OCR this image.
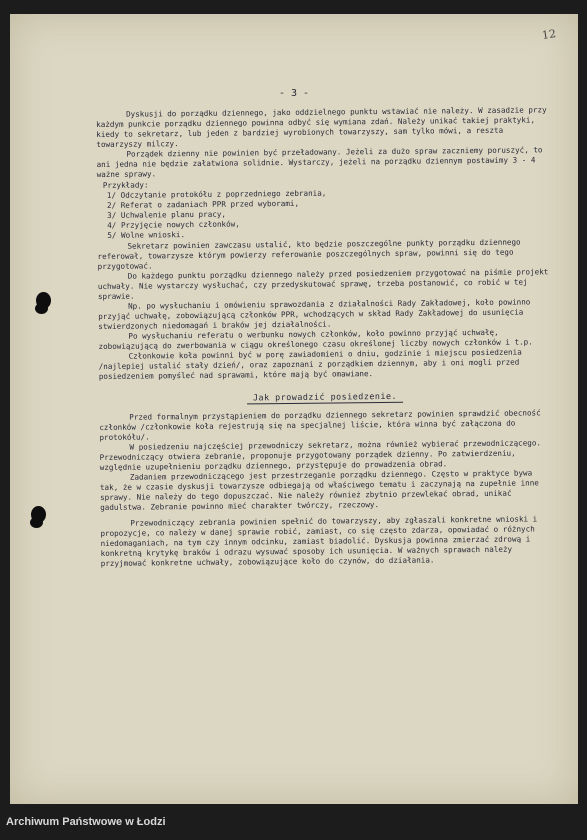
12
- 3 -

Dyskusji do porządku dziennego, jako oddzielnego punktu wstawiać nie należy. W zasadzie przy każdym punkcie porządku dziennego powinna odbyć się wymiana zdań. Należy unikać takiej praktyki, kiedy to sekretarz, lub jeden z bardziej wyrobionych towarzyszy, sam tylko mówi, a reszta towarzyszy milczy.

Porządek dzienny nie powinien być przeładowany. Jeżeli za dużo spraw zaczniemy poruszyć, to ani jedna nie będzie załatwiona solidnie. Wystarczy, jeżeli na porządku dziennym postawimy 3 - 4 ważne sprawy.

Przykłady:
1/ Odczytanie protokółu z poprzedniego zebrania,
2/ Referat o zadaniach PPR przed wyborami,
3/ Uchwalenie planu pracy,
4/ Przyjęcie nowych członków,
5/ Wolne wnioski.

Sekretarz powinien zawczasu ustalić, kto będzie poszczególne punkty porządku dziennego referował, towarzysze którym powierzy referowanie poszczególnych spraw, powinni się do tego przygotować.

Do każdego punktu porządku dziennego należy przed posiedzeniem przygotować na piśmie projekt uchwały. Nie wystarczy wysłuchać, czy przedyskutować sprawę, trzeba postanowić, co robić w tej sprawie.

Np. po wysłuchaniu i omówieniu sprawozdania z działalności Rady Zakładowej, koło powinno przyjąć uchwałę, zobowiązującą członków PPR, wchodzących w skład Rady Zakładowej do usunięcia stwierdzonych niedomagań i braków jej działalności.

Po wysłuchaniu referatu o werbunku nowych członków, koło powinno przyjąć uchwałę, zobowiązującą do zwerbowania w ciągu określonego czasu określonej liczby nowych członków i t.p.

Członkowie koła powinni być w porę zawiadomieni o dniu, godzinie i miejscu posiedzenia /najlepiej ustalić stały dzień/, oraz zapoznani z porządkiem dziennym, aby i oni mogli przed posiedzeniem pomyśleć nad sprawami, które mają być omawiane.

Jak prowadzić posiedzenie.

Przed formalnym przystąpieniem do porządku dziennego sekretarz powinien sprawdzić obecność członków /członkowie koła rejestrują się na specjalnej liście, która winna być załączona do protokółu/.

W posiedzeniu najczęściej przewodniczy sekretarz, można również wybierać przewodniczącego. Przewodniczący otwiera zebranie, proponuje przygotowany porządek dzienny. Po zatwierdzeniu, względnie uzupełnieniu porządku dziennego, przystępuje do prowadzenia obrad.

Zadaniem przewodniczącego jest przestrzeganie porządku dziennego. Często w praktyce bywa tak, że w czasie dyskusji towarzysze odbiegają od właściwego tematu i zaczynają na zupełnie inne sprawy. Nie należy do tego dopuszczać. Nie należy również zbytnio przewlekać obrad, unikać gadulstwa. Zebranie powinno mieć charakter twórczy, rzeczowy.

Przewodniczący zebrania powinien spełnić do towarzyszy, aby zgłaszali konkretne wnioski i propozycje, co należy w danej sprawie robić, zamiast, co się często zdarza, opowiadać o różnych niedomaganiach, na tym czy innym odcinku, zamiast biadolić. Dyskusja powinna zmierzać zdrową i konkretną krytykę braków i odrazu wysuwać sposoby ich usunięcia. W ważnych sprawach należy przyjmować konkretne uchwały, zobowiązujące koło do czynów, do działania.

Archiwum Państwowe w Łodzi
